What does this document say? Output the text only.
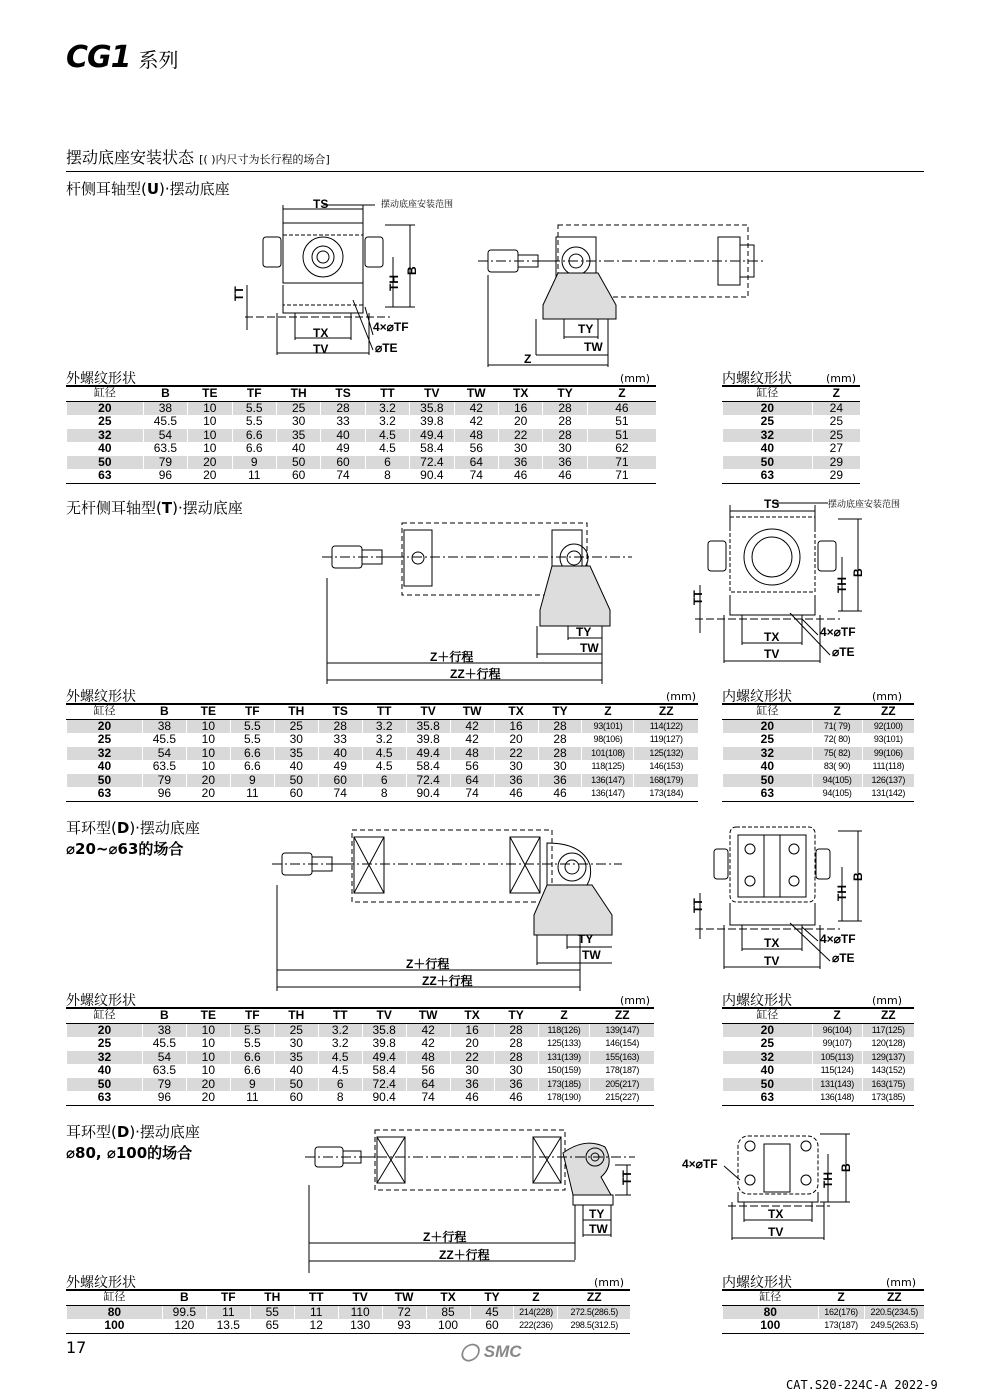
CG1 系列
摆动底座安装状态 [( )内尺寸为长行程的场合]
杆侧耳轴型(U)·摆动底座
TS
B
TH
TT
TX
TV
4×⌀TF
⌀TE
摆动底座安装范围
TY
TW
Z
外螺纹形状	(mm)	内螺纹形状	(mm)
缸径	B	TE	TF	TH	TS	TT	TV	TW	TX	TY	Z
20	38	10	5.5	25	28	3.2	35.8	42	16	28	46
25	45.5	10	5.5	30	33	3.2	39.8	42	20	28	51
32	54	10	6.6	35	40	4.5	49.4	48	22	28	51
40	63.5	10	6.6	40	49	4.5	58.4	56	30	30	62
50	79	20	9	50	60	6	72.4	64	36	36	71
63	96	20	11	60	74	8	90.4	74	46	46	71
缸径	Z
20	24
25	25
32	25
40	27
50	29
63	29
无杆侧耳轴型(T)·摆动底座
TY
TW
Z＋行程
ZZ＋行程
TS
B
TH
TT
TX
TV
4×⌀TF
⌀TE
摆动底座安装范围
外螺纹形状	(mm) 内螺纹形状	(mm)
缸径	B	TE	TF	TH	TS	TT	TV	TW	TX	TY	Z	ZZ
20	38	10	5.5	25	28	3.2	35.8	42	16	28	93(101)	114(122)
25	45.5	10	5.5	30	33	3.2	39.8	42	20	28	98(106)	119(127)
32	54	10	6.6	35	40	4.5	49.4	48	22	28	101(108)	125(132)
40	63.5	10	6.6	40	49	4.5	58.4	56	30	30	118(125)	146(153)
50	79	20	9	50	60	6	72.4	64	36	36	136(147)	168(179)
63	96	20	11	60	74	8	90.4	74	46	46	136(147)	173(184)
缸径	Z	ZZ
20	71( 79)	92(100)
25	72( 80)	93(101)
32	75( 82)	99(106)
40	83( 90)	111(118)
50	94(105)	126(137)
63	94(105)	131(142)
耳环型(D)·摆动底座
⌀20~⌀63的场合
TY
TW
Z＋行程
ZZ＋行程
B
TH
TT
TX
TV
4×⌀TF
⌀TE
外螺纹形状	(mm)	内螺纹形状	(mm)
缸径	B	TE	TF	TH	TT	TV	TW	TX	TY	Z	ZZ
20	38	10	5.5	25	3.2	35.8	42	16	28	118(126)	139(147)
25	45.5	10	5.5	30	3.2	39.8	42	20	28	125(133)	146(154)
32	54	10	6.6	35	4.5	49.4	48	22	28	131(139)	155(163)
40	63.5	10	6.6	40	4.5	58.4	56	30	30	150(159)	178(187)
50	79	20	9	50	6	72.4	64	36	36	173(185)	205(217)
63	96	20	11	60	8	90.4	74	46	46	178(190)	215(227)
缸径	Z	ZZ
20	96(104)	117(125)
25	99(107)	120(128)
32	105(113)	129(137)
40	115(124)	143(152)
50	131(143)	163(175)
63	136(148)	173(185)
耳环型(D)·摆动底座
⌀80, ⌀100的场合
TY
TW
TT
Z＋行程
ZZ＋行程
4×⌀TF	B
TH
TX
TV
外螺纹形状	(mm)	内螺纹形状	(mm)
缸径	B	TF	TH	TT	TV	TW	TX	TY	Z	ZZ
80	99.5	11	55	11	110	72	85	45	214(228)	272.5(286.5)
100	120	13.5	65	12	130	93	100	60	222(236)	298.5(312.5)
缸径	Z	ZZ
80	162(176)	220.5(234.5)
100	173(187)	249.5(263.5)
17	◯ SMC
CAT.S20-224C-A 2022-9
